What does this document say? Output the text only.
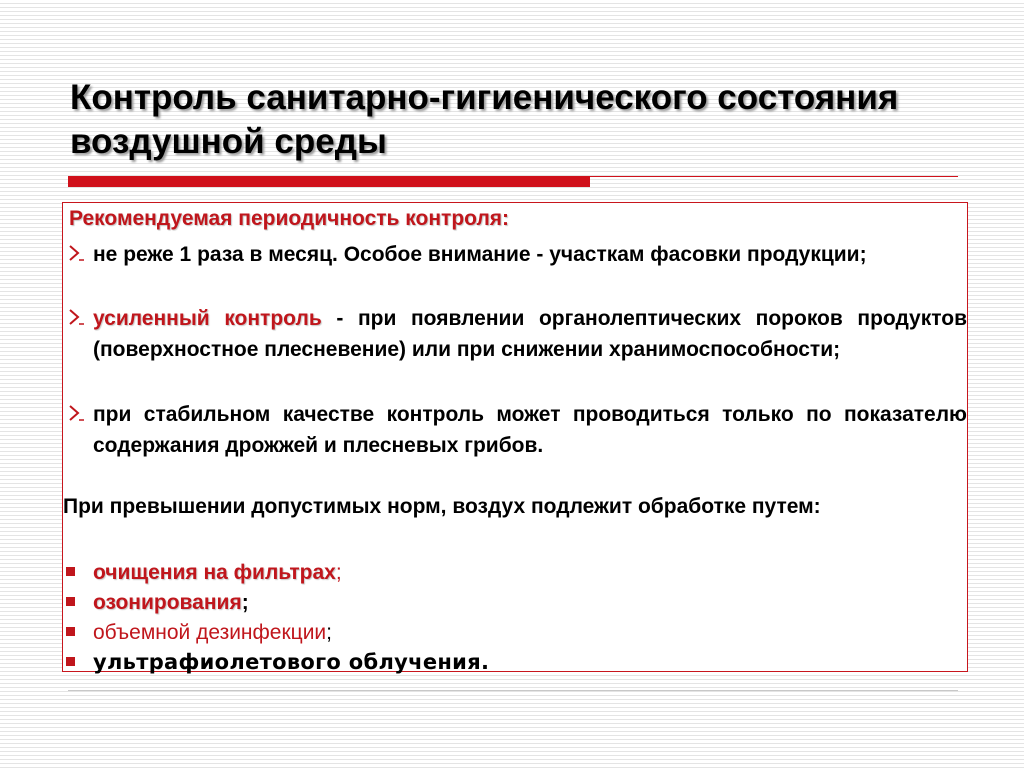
Контроль санитарно-гигиенического состояния воздушной среды
Рекомендуемая периодичность контроля:
не реже 1 раза в месяц. Особое внимание - участкам фасовки продукции;
усиленный контроль - при появлении органолептических пороков продуктов (поверхностное плесневение) или при снижении хранимоспособности;
при стабильном качестве контроль может проводиться только по показателю содержания дрожжей и плесневых грибов.
При превышении допустимых норм, воздух подлежит обработке путем:
очищения на фильтрах;
озонирования;
объемной дезинфекции;
ультрафиолетового облучения.
